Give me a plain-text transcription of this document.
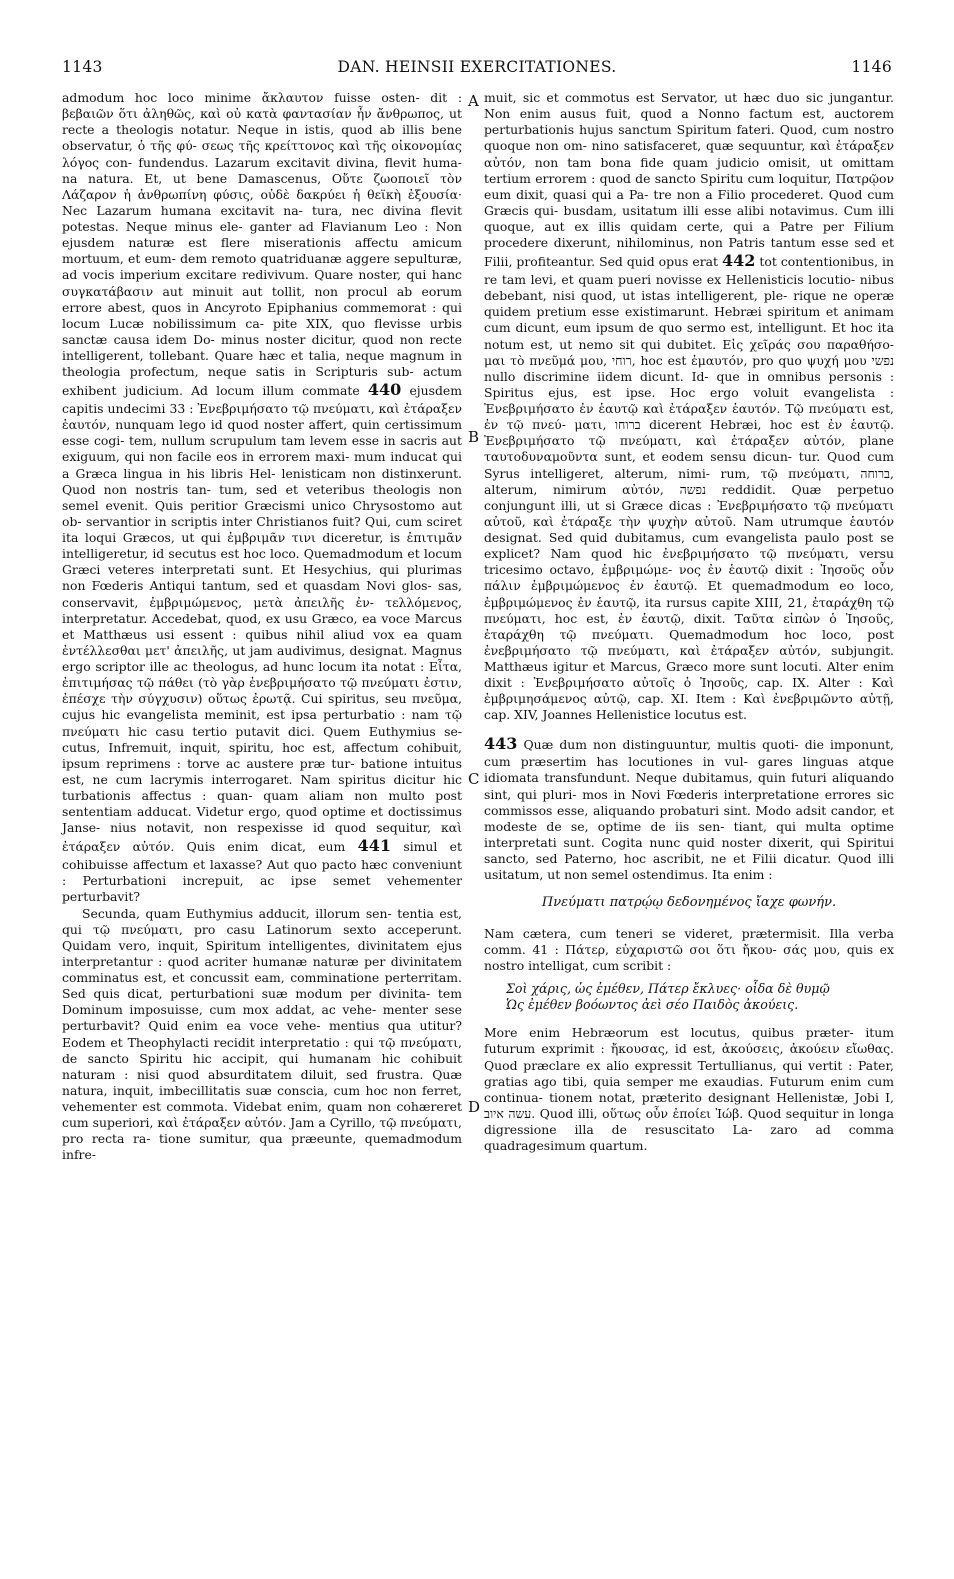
1143	DAN. HEINSII EXERCITATIONES.	1146
A
B
C
D

admodum hoc loco minime ἄκλαυτον fuisse osten- dit : βεβαιῶν ὅτι ἀληθῶς, καὶ οὐ κατὰ φαντασίαν ἦν ἄνθρωπος, ut recte a theologis notatur. Neque in istis, quod ab illis bene observatur, ὁ τῆς φύ- σεως τῆς κρείττονος καὶ τῆς οἰκονομίας λόγος con- fundendus. Lazarum excitavit divina, flevit huma- na natura. Et, ut bene Damascenus, Οὔτε ζωοποιεῖ τὸν Λάζαρον ἡ ἀνθρωπίνη φύσις, οὐδὲ δακρύει ἡ θεϊκὴ ἐξουσία· Nec Lazarum humana excitavit na- tura, nec divina flevit potestas. Neque minus ele- ganter ad Flavianum Leo : Non ejusdem naturæ est flere miserationis affectu amicum mortuum, et eum- dem remoto quatriduanæ aggere sepulturæ, ad vocis imperium excitare redivivum. Quare noster, qui hanc συγκατάβασιν aut minuit aut tollit, non procul ab eorum errore abest, quos in Ancyroto Epiphanius commemorat : qui locum Lucæ nobilissimum ca- pite XIX, quo flevisse urbis sanctæ causa idem Do- minus noster dicitur, quod non recte intelligerent, tollebant. Quare hæc et talia, neque magnum in theologia profectum, neque satis in Scripturis sub- actum exhibent judicium. Ad locum illum commate 440 ejusdem capitis undecimi 33 : Ἐνεβριμήσατο τῷ πνεύματι, καὶ ἐτάραξεν ἑαυτόν, nunquam lego id quod noster affert, quin certissimum esse cogi- tem, nullum scrupulum tam levem esse in sacris aut exiguum, qui non facile eos in errorem maxi- mum inducat qui a Græca lingua in his libris Hel- lenisticam non distinxerunt. Quod non nostris tan- tum, sed et veteribus theologis non semel evenit. Quis peritior Græcismi unico Chrysostomo aut ob- servantior in scriptis inter Christianos fuit? Qui, cum sciret ita loqui Græcos, ut qui ἐμβριμᾶν τινι diceretur, is ἐπιτιμᾶν intelligeretur, id secutus est hoc loco. Quemadmodum et locum Græci veteres interpretati sunt. Et Hesychius, qui plurimas non Fœderis Antiqui tantum, sed et quasdam Novi glos- sas, conservavit, ἐμβριμώμενος, μετὰ ἀπειλῆς ἐν- τελλόμενος, interpretatur. Accedebat, quod, ex usu Græco, ea voce Marcus et Matthæus usi essent : quibus nihil aliud vox ea quam ἐντέλλεσθαι μετ' ἀπειλῆς, ut jam audivimus, designat. Magnus ergo scriptor ille ac theologus, ad hunc locum ita notat : Εἶτα, ἐπιτιμήσας τῷ πάθει (τὸ γὰρ ἐνεβριμήσατο τῷ πνεύματι ἐστιν, ἐπέσχε τὴν σύγχυσιν) οὕτως ἐρωτᾷ. Cui spiritus, seu πνεῦμα, cujus hic evangelista meminit, est ipsa perturbatio : nam τῷ πνεύματι hic casu tertio putavit dici. Quem Euthymius se- cutus, Infremuit, inquit, spiritu, hoc est, affectum cohibuit, ipsum reprimens : torve ac austere præ tur- batione intuitus est, ne cum lacrymis interrogaret. Nam spiritus dicitur hic turbationis affectus : quan- quam aliam non multo post sententiam adducat. Videtur ergo, quod optime et doctissimus Janse- nius notavit, non respexisse id quod sequitur, καὶ ἐτάραξεν αὐτόν. Quis enim dicat, eum 441 simul et cohibuisse affectum et laxasse? Aut quo pacto hæc conveniunt : Perturbationi increpuit, ac ipse semet vehementer perturbavit?

Secunda, quam Euthymius adducit, illorum sen- tentia est, qui τῷ πνεύματι, pro casu Latinorum sexto acceperunt. Quidam vero, inquit, Spiritum intelligentes, divinitatem ejus interpretantur : quod acriter humanæ naturæ per divinitatem comminatus est, et concussit eam, comminatione perterritam. Sed quis dicat, perturbationi suæ modum per divinita- tem Dominum imposuisse, cum mox addat, ac vehe- menter sese perturbavit? Quid enim ea voce vehe- mentius qua utitur? Eodem et Theophylacti recidit interpretatio : qui τῷ πνεύματι, de sancto Spiritu hic accipit, qui humanam hic cohibuit naturam : nisi quod absurditatem diluit, sed frustra. Quæ natura, inquit, imbecillitatis suæ conscia, cum hoc non ferret, vehementer est commota. Videbat enim, quam non cohæreret cum superiori, καὶ ἐτάραξεν αὐτόν. Jam a Cyrillo, τῷ πνεύματι, pro recta ra- tione sumitur, qua præeunte, quemadmodum infre-

muit, sic et commotus est Servator, ut hæc duo sic jungantur. Non enim ausus fuit, quod a Nonno factum est, auctorem perturbationis hujus sanctum Spiritum fateri. Quod, cum nostro quoque non om- nino satisfaceret, quæ sequuntur, καὶ ἐτάραξεν αὐτόν, non tam bona fide quam judicio omisit, ut omittam tertium errorem : quod de sancto Spiritu cum loquitur, Πατρῷον eum dixit, quasi qui a Pa- tre non a Filio procederet. Quod cum Græcis qui- busdam, usitatum illi esse alibi notavimus. Cum illi quoque, aut ex illis quidam certe, qui a Patre per Filium procedere dixerunt, nihilominus, non Patris tantum esse sed et Filii, profiteantur. Sed quid opus erat 442 tot contentionibus, in re tam levi, et quam pueri novisse ex Hellenisticis locutio- nibus debebant, nisi quod, ut istas intelligerent, ple- rique ne operæ quidem pretium esse existimarunt. Hebræi spiritum et animam cum dicunt, eum ipsum de quo sermo est, intelligunt. Et hoc ita notum est, ut nemo sit qui dubitet. Εἰς χεῖράς σου παραθήσο- μαι τὸ πνεῦμά μου, רוחי, hoc est ἐμαυτόν, pro quo ψυχή μου נפשי nullo discrimine iidem dicunt. Id- que in omnibus personis : Spiritus ejus, est ipse. Hoc ergo voluit evangelista : Ἐνεβριμήσατο ἐν ἑαυτῷ καὶ ἐτάραξεν ἑαυτόν. Τῷ πνεύματι est, ἐν τῷ πνεύ- ματι, ברוחו dicerent Hebræi, hoc est ἐν ἑαυτῷ. Ἐνεβριμήσατο τῷ πνεύματι, καὶ ἐτάραξεν αὐτόν, plane ταυτοδυναμοῦντα sunt, et eodem sensu dicun- tur. Quod cum Syrus intelligeret, alterum, nimi- rum, τῷ πνεύματι, ברוחה, alterum, nimirum αὐτόν, נפשה reddidit. Quæ perpetuo conjungunt illi, ut si Græce dicas : Ἐνεβριμήσατο τῷ πνεύματι αὐτοῦ, καὶ ἐτάραξε τὴν ψυχὴν αὐτοῦ. Nam utrumque ἑαυτόν designat. Sed quid dubitamus, cum evangelista paulo post se explicet? Nam quod hic ἐνεβριμήσατο τῷ πνεύματι, versu tricesimo octavo, ἐμβριμώμε- νος ἐν ἑαυτῷ dixit : Ἰησοῦς οὖν πάλιν ἐμβριμώμενος ἐν ἑαυτῷ. Et quemadmodum eo loco, ἐμβριμώμενος ἐν ἑαυτῷ, ita rursus capite XIII, 21, ἐταράχθη τῷ πνεύματι, hoc est, ἐν ἑαυτῷ, dixit. Ταῦτα εἰπὼν ὁ Ἰησοῦς, ἐταράχθη τῷ πνεύματι. Quemadmodum hoc loco, post ἐνεβριμήσατο τῷ πνεύματι, καὶ ἐτάραξεν αὐτόν, subjungit. Matthæus igitur et Marcus, Græco more sunt locuti. Alter enim dixit : Ἐνεβριμήσατο αὐτοῖς ὁ Ἰησοῦς, cap. IX. Alter : Καὶ ἐμβριμησάμενος αὐτῷ, cap. XI. Item : Καὶ ἐνεβριμῶντο αὐτῇ, cap. XIV, Joannes Hellenistice locutus est.

443 Quæ dum non distinguuntur, multis quoti- die imponunt, cum præsertim has locutiones in vul- gares linguas atque idiomata transfundunt. Neque dubitamus, quin futuri aliquando sint, qui pluri- mos in Novi Fœderis interpretatione errores sic commissos esse, aliquando probaturi sint. Modo adsit candor, et modeste de se, optime de iis sen- tiant, qui multa optime interpretati sunt. Cogita nunc quid noster dixerit, qui Spiritui sancto, sed Paterno, hoc ascribit, ne et Filii dicatur. Quod illi usitatum, ut non semel ostendimus. Ita enim :

Πνεύματι πατρῴῳ δεδονημένος ἴαχε φωνήν.

Nam cætera, cum teneri se videret, prætermisit. Illa verba comm. 41 : Πάτερ, εὐχαριστῶ σοι ὅτι ἤκου- σάς μου, quis ex nostro intelligat, cum scribit :

Σοὶ χάρις, ὡς ἐμέθεν, Πάτερ ἔκλυες· οἶδα δὲ θυμῷ
Ὡς ἐμέθεν βοόωντος ἀεὶ σέο Παιδὸς ἀκούεις.

More enim Hebræorum est locutus, quibus præter- itum futurum exprimit : ἤκουσας, id est, ἀκούσεις, ἀκούειν εἴωθας. Quod præclare ex alio expressit Tertullianus, qui vertit : Pater, gratias ago tibi, quia semper me exaudias. Futurum enim cum continua- tionem notat, præterito designant Hellenistæ, Jobi I, עשה איוב. Quod illi, οὕτως οὖν ἐποίει Ἰώβ. Quod sequitur in longa digressione illa de resuscitato La- zaro ad comma quadragesimum quartum.
